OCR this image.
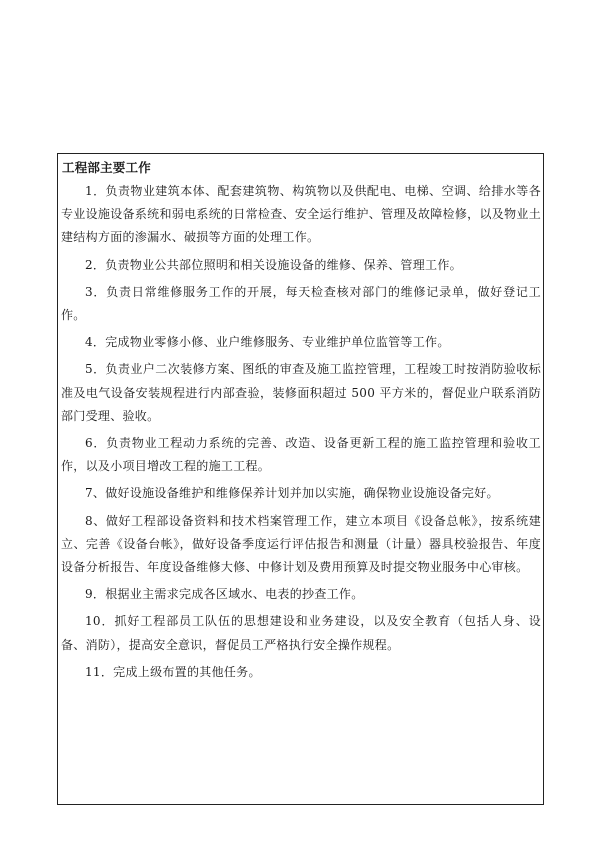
工程部主要工作
1．负责物业建筑本体、配套建筑物、构筑物以及供配电、电梯、空调、给排水等各专业设施设备系统和弱电系统的日常检查、安全运行维护、管理及故障检修，以及物业土建结构方面的渗漏水、破损等方面的处理工作。
2．负责物业公共部位照明和相关设施设备的维修、保养、管理工作。
3．负责日常维修服务工作的开展，每天检查核对部门的维修记录单，做好登记工作。
4．完成物业零修小修、业户维修服务、专业维护单位监管等工作。
5．负责业户二次装修方案、图纸的审查及施工监控管理，工程竣工时按消防验收标准及电气设备安装规程进行内部查验，装修面积超过 500 平方米的，督促业户联系消防部门受理、验收。
6．负责物业工程动力系统的完善、改造、设备更新工程的施工监控管理和验收工作，以及小项目增改工程的施工工程。
7、做好设施设备维护和维修保养计划并加以实施，确保物业设施设备完好。
8、做好工程部设备资料和技术档案管理工作，建立本项目《设备总帐》，按系统建立、完善《设备台帐》，做好设备季度运行评估报告和测量（计量）器具校验报告、年度设备分析报告、年度设备维修大修、中修计划及费用预算及时提交物业服务中心审核。
9．根据业主需求完成各区域水、电表的抄查工作。
10．抓好工程部员工队伍的思想建设和业务建设，以及安全教育（包括人身、设备、消防），提高安全意识，督促员工严格执行安全操作规程。
11．完成上级布置的其他任务。
